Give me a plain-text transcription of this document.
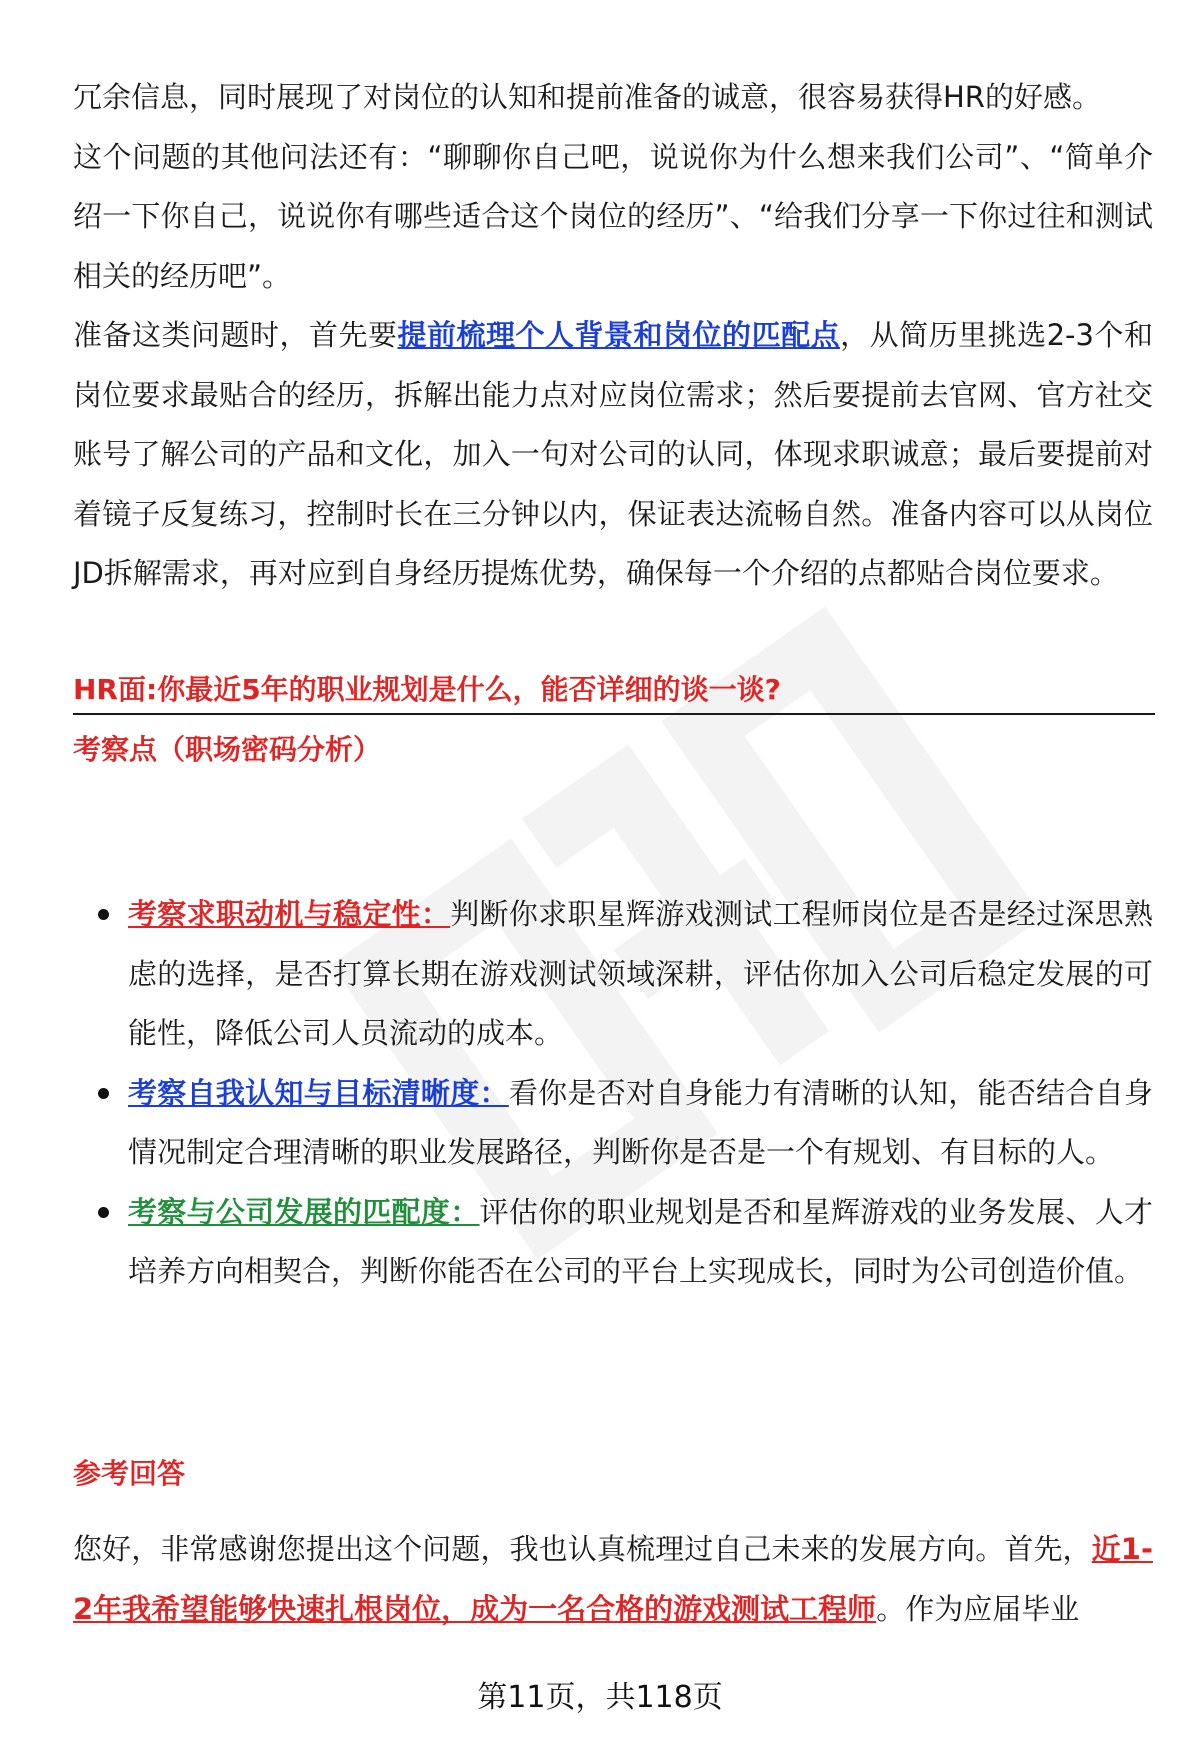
冗余信息，同时展现了对岗位的认知和提前准备的诚意，很容易获得HR的好感。

这个问题的其他问法还有：“聊聊你自己吧，说说你为什么想来我们公司”、“简单介绍一下你自己，说说你有哪些适合这个岗位的经历”、“给我们分享一下你过往和测试相关的经历吧”。

准备这类问题时，首先要提前梳理个人背景和岗位的匹配点，从简历里挑选2-3个和岗位要求最贴合的经历，拆解出能力点对应岗位需求；然后要提前去官网、官方社交账号了解公司的产品和文化，加入一句对公司的认同，体现求职诚意；最后要提前对着镜子反复练习，控制时长在三分钟以内，保证表达流畅自然。准备内容可以从岗位JD拆解需求，再对应到自身经历提炼优势，确保每一个介绍的点都贴合岗位要求。

HR面:你最近5年的职业规划是什么，能否详细的谈一谈?
考察点（职场密码分析）
考察求职动机与稳定性：判断你求职星辉游戏测试工程师岗位是否是经过深思熟虑的选择，是否打算长期在游戏测试领域深耕，评估你加入公司后稳定发展的可能性，降低公司人员流动的成本。
考察自我认知与目标清晰度：看你是否对自身能力有清晰的认知，能否结合自身情况制定合理清晰的职业发展路径，判断你是否是一个有规划、有目标的人。
考察与公司发展的匹配度：评估你的职业规划是否和星辉游戏的业务发展、人才培养方向相契合，判断你能否在公司的平台上实现成长，同时为公司创造价值。
参考回答

您好，非常感谢您提出这个问题，我也认真梳理过自己未来的发展方向。首先，近1-2年我希望能够快速扎根岗位，成为一名合格的游戏测试工程师。作为应届毕业

第11页，共118页
